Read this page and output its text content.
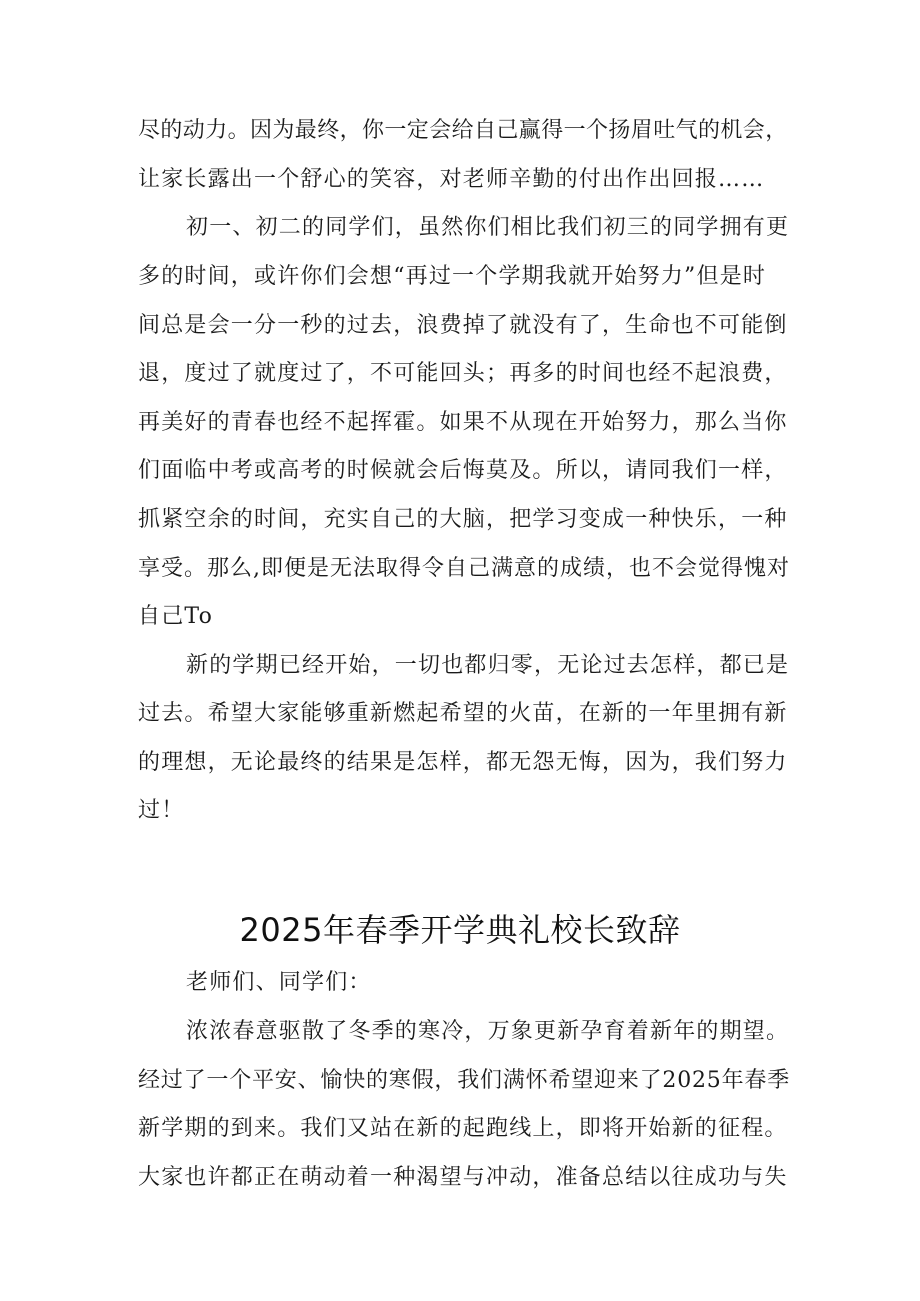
尽的动力。因为最终，你一定会给自己赢得一个扬眉吐气的机会，
让家长露出一个舒心的笑容，对老师辛勤的付出作出回报……
初一、初二的同学们，虽然你们相比我们初三的同学拥有更
多的时间，或许你们会想“再过一个学期我就开始努力”但是时
间总是会一分一秒的过去，浪费掉了就没有了，生命也不可能倒
退，度过了就度过了，不可能回头；再多的时间也经不起浪费，
再美好的青春也经不起挥霍。如果不从现在开始努力，那么当你
们面临中考或高考的时候就会后悔莫及。所以，请同我们一样，
抓紧空余的时间，充实自己的大脑，把学习变成一种快乐，一种
享受。那么,即便是无法取得令自己满意的成绩，也不会觉得愧对
自己To
新的学期已经开始，一切也都归零，无论过去怎样，都已是
过去。希望大家能够重新燃起希望的火苗，在新的一年里拥有新
的理想，无论最终的结果是怎样，都无怨无悔，因为，我们努力
过！
2025年春季开学典礼校长致辞
老师们、同学们：
浓浓春意驱散了冬季的寒冷，万象更新孕育着新年的期望。
经过了一个平安、愉快的寒假，我们满怀希望迎来了2025年春季
新学期的到来。我们又站在新的起跑线上，即将开始新的征程。
大家也许都正在萌动着一种渴望与冲动，准备总结以往成功与失
